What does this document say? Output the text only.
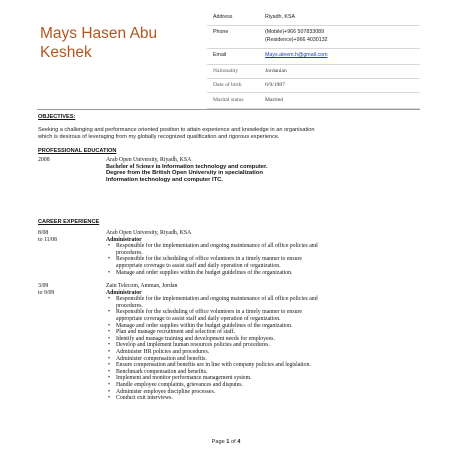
Mays Hasen Abu
Keshek
Address	Riyadh, KSA
Phone	(Mobile)+966 507833089
(Residence)+966 4030132

Email	Mays.aleem.h@gmail.com
Nationality	Jordanian
Date of birth	6/9/1987
Marital status	Married
OBJECTIVES:
Seeking a challenging and performance oriented position to attain experience and knowledge in an organisation
which is desirous of leveraging from my globally recognized qualification and rigorous experience.
PROFESSIONAL EDUCATION
2008	Arab Open University, Riyadh, KSA
Bachelor of Science in Information technology and computer.
Degree from the British Open University in specialization
Information technology and computer ITC.
CAREER EXPERIENCE
8/08
to 11/08
Arab Open University, Riyadh, KSA
Administrator
• Responsible for the implementation and ongoing maintenance of all office policies and
procedures.
• Responsible for the scheduling of office volunteers in a timely manner to ensure
appropriate coverage to assist staff and daily operation of organization.
• Manage and order supplies within the budget guidelines of the organization.
3/09
to 9/09
Zain Telecom, Amman, Jordan
Administrator
• Responsible for the implementation and ongoing maintenance of all office policies and
procedures.
• Responsible for the scheduling of office volunteers in a timely manner to ensure
appropriate coverage to assist staff and daily operation of organization.
• Manage and order supplies within the budget guidelines of the organization.
• Plan and manage recruitment and selection of staff.
• Identify and manage training and development needs for employees.
• Develop and implement human resources policies and procedures.
• Administer HR policies and procedures.
• Administer compensation and benefits.
• Ensure compensation and benefits are in line with company policies and legislation.
• Benchmark compensation and benefits.
• Implement and monitor performance management system.
• Handle employee complaints, grievances and disputes.
• Administer employee discipline processes.
• Conduct exit interviews.
Page 1 of 4
